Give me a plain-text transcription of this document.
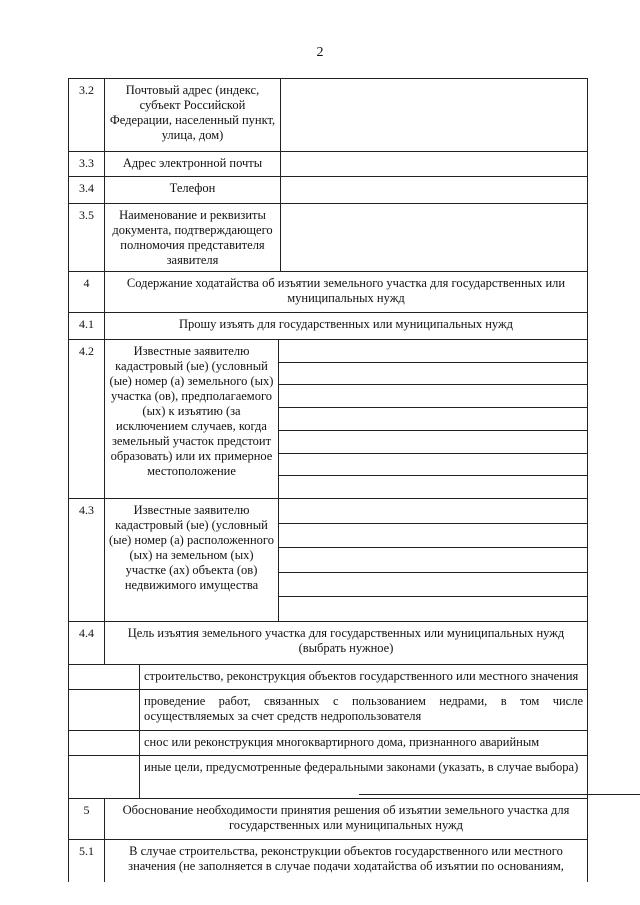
2
3.2	Почтовый адрес (индекс, субъект Российской Федерации, населенный пункт, улица, дом)
3.3	Адрес электронной почты
3.4	Телефон
3.5	Наименование и реквизиты документа, подтверждающего полномочия представителя заявителя
4	Содержание ходатайства об изъятии земельного участка для государственных или муниципальных нужд
4.1	Прошу изъять для государственных или муниципальных нужд
4.2	Известные заявителю кадастровый (ые) (условный (ые) номер (а) земельного (ых) участка (ов), предполагаемого (ых) к изъятию (за исключением случаев, когда земельный участок предстоит образовать) или их примерное местоположение
4.3	Известные заявителю кадастровый (ые) (условный (ые) номер (а) расположенного (ых) на земельном (ых) участке (ах) объекта (ов) недвижимого имущества
4.4	Цель изъятия земельного участка для государственных или муниципальных нужд (выбрать нужное)
строительство, реконструкция объектов государственного или местного значения
проведение работ, связанных с пользованием недрами, в том числе осуществляемых за счет средств недропользователя
снос или реконструкция многоквартирного дома, признанного аварийным
иные цели, предусмотренные федеральными законами (указать, в случае выбора)
5	Обоснование необходимости принятия решения об изъятии земельного участка для государственных или муниципальных нужд
5.1	В случае строительства, реконструкции объектов государственного или местного значения (не заполняется в случае подачи ходатайства об изъятии по основаниям,
